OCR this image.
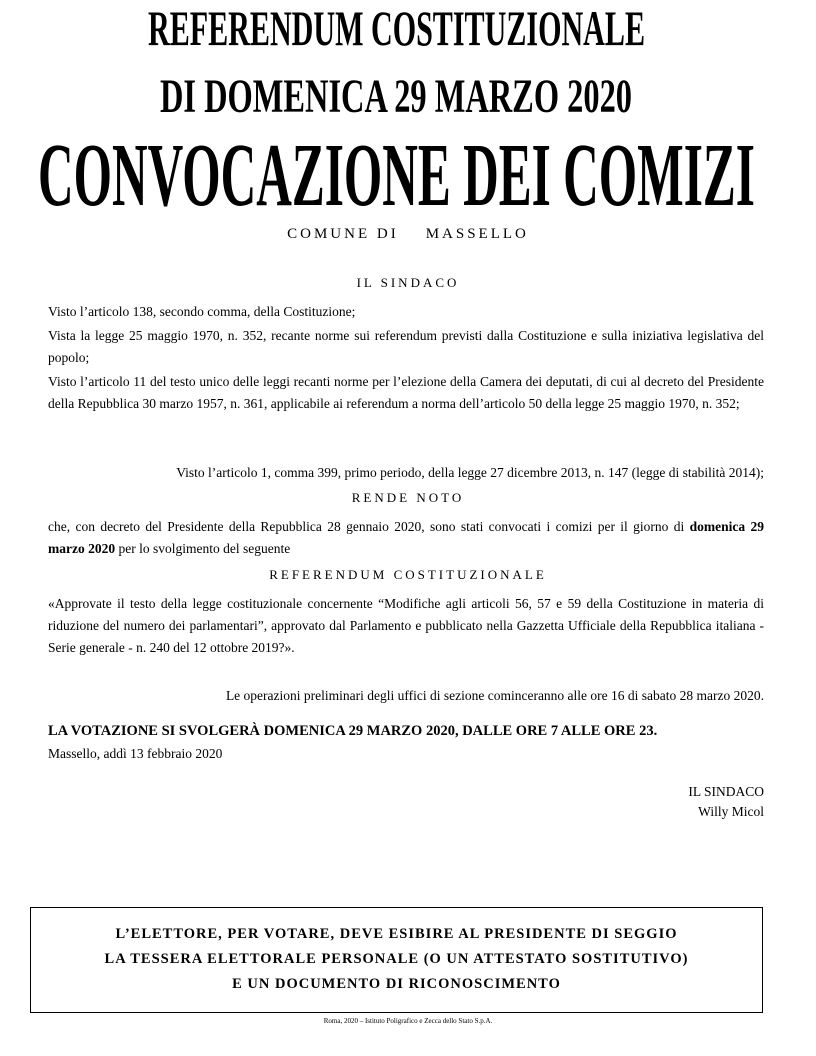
REFERENDUM COSTITUZIONALE
DI DOMENICA 29 MARZO 2020
CONVOCAZIONE DEI COMIZI
COMUNE DI    MASSELLO
IL SINDACO
Visto l’articolo 138, secondo comma, della Costituzione;
Vista la legge 25 maggio 1970, n. 352, recante norme sui referendum previsti dalla Costituzione e sulla iniziativa legislativa del popolo;
Visto l’articolo 11 del testo unico delle leggi recanti norme per l’elezione della Camera dei deputati, di cui al decreto del Presidente della Repubblica 30 marzo 1957, n. 361, applicabile ai referendum a norma dell’articolo 50 della legge 25 maggio 1970, n. 352;
Visto l’articolo 1, comma 399, primo periodo, della legge 27 dicembre 2013, n. 147 (legge di stabilità 2014);
RENDE NOTO
che, con decreto del Presidente della Repubblica 28 gennaio 2020, sono stati convocati i comizi per il giorno di domenica 29 marzo 2020 per lo svolgimento del seguente
REFERENDUM COSTITUZIONALE
«Approvate il testo della legge costituzionale concernente “Modifiche agli articoli 56, 57 e 59 della Costituzione in materia di riduzione del numero dei parlamentari”, approvato dal Parlamento e pubblicato nella Gazzetta Ufficiale della Repubblica italiana - Serie generale - n. 240 del 12 ottobre 2019?».
Le operazioni preliminari degli uffici di sezione cominceranno alle ore 16 di sabato 28 marzo 2020.
LA VOTAZIONE SI SVOLGERÀ DOMENICA 29 MARZO 2020, DALLE ORE 7 ALLE ORE 23.
Massello, addì 13 febbraio 2020
IL SINDACO
Willy Micol
L’ELETTORE, PER VOTARE, DEVE ESIBIRE AL PRESIDENTE DI SEGGIO
LA TESSERA ELETTORALE PERSONALE (O UN ATTESTATO SOSTITUTIVO)
E UN DOCUMENTO DI RICONOSCIMENTO
Roma, 2020 – Istituto Poligrafico e Zecca dello Stato S.p.A.
